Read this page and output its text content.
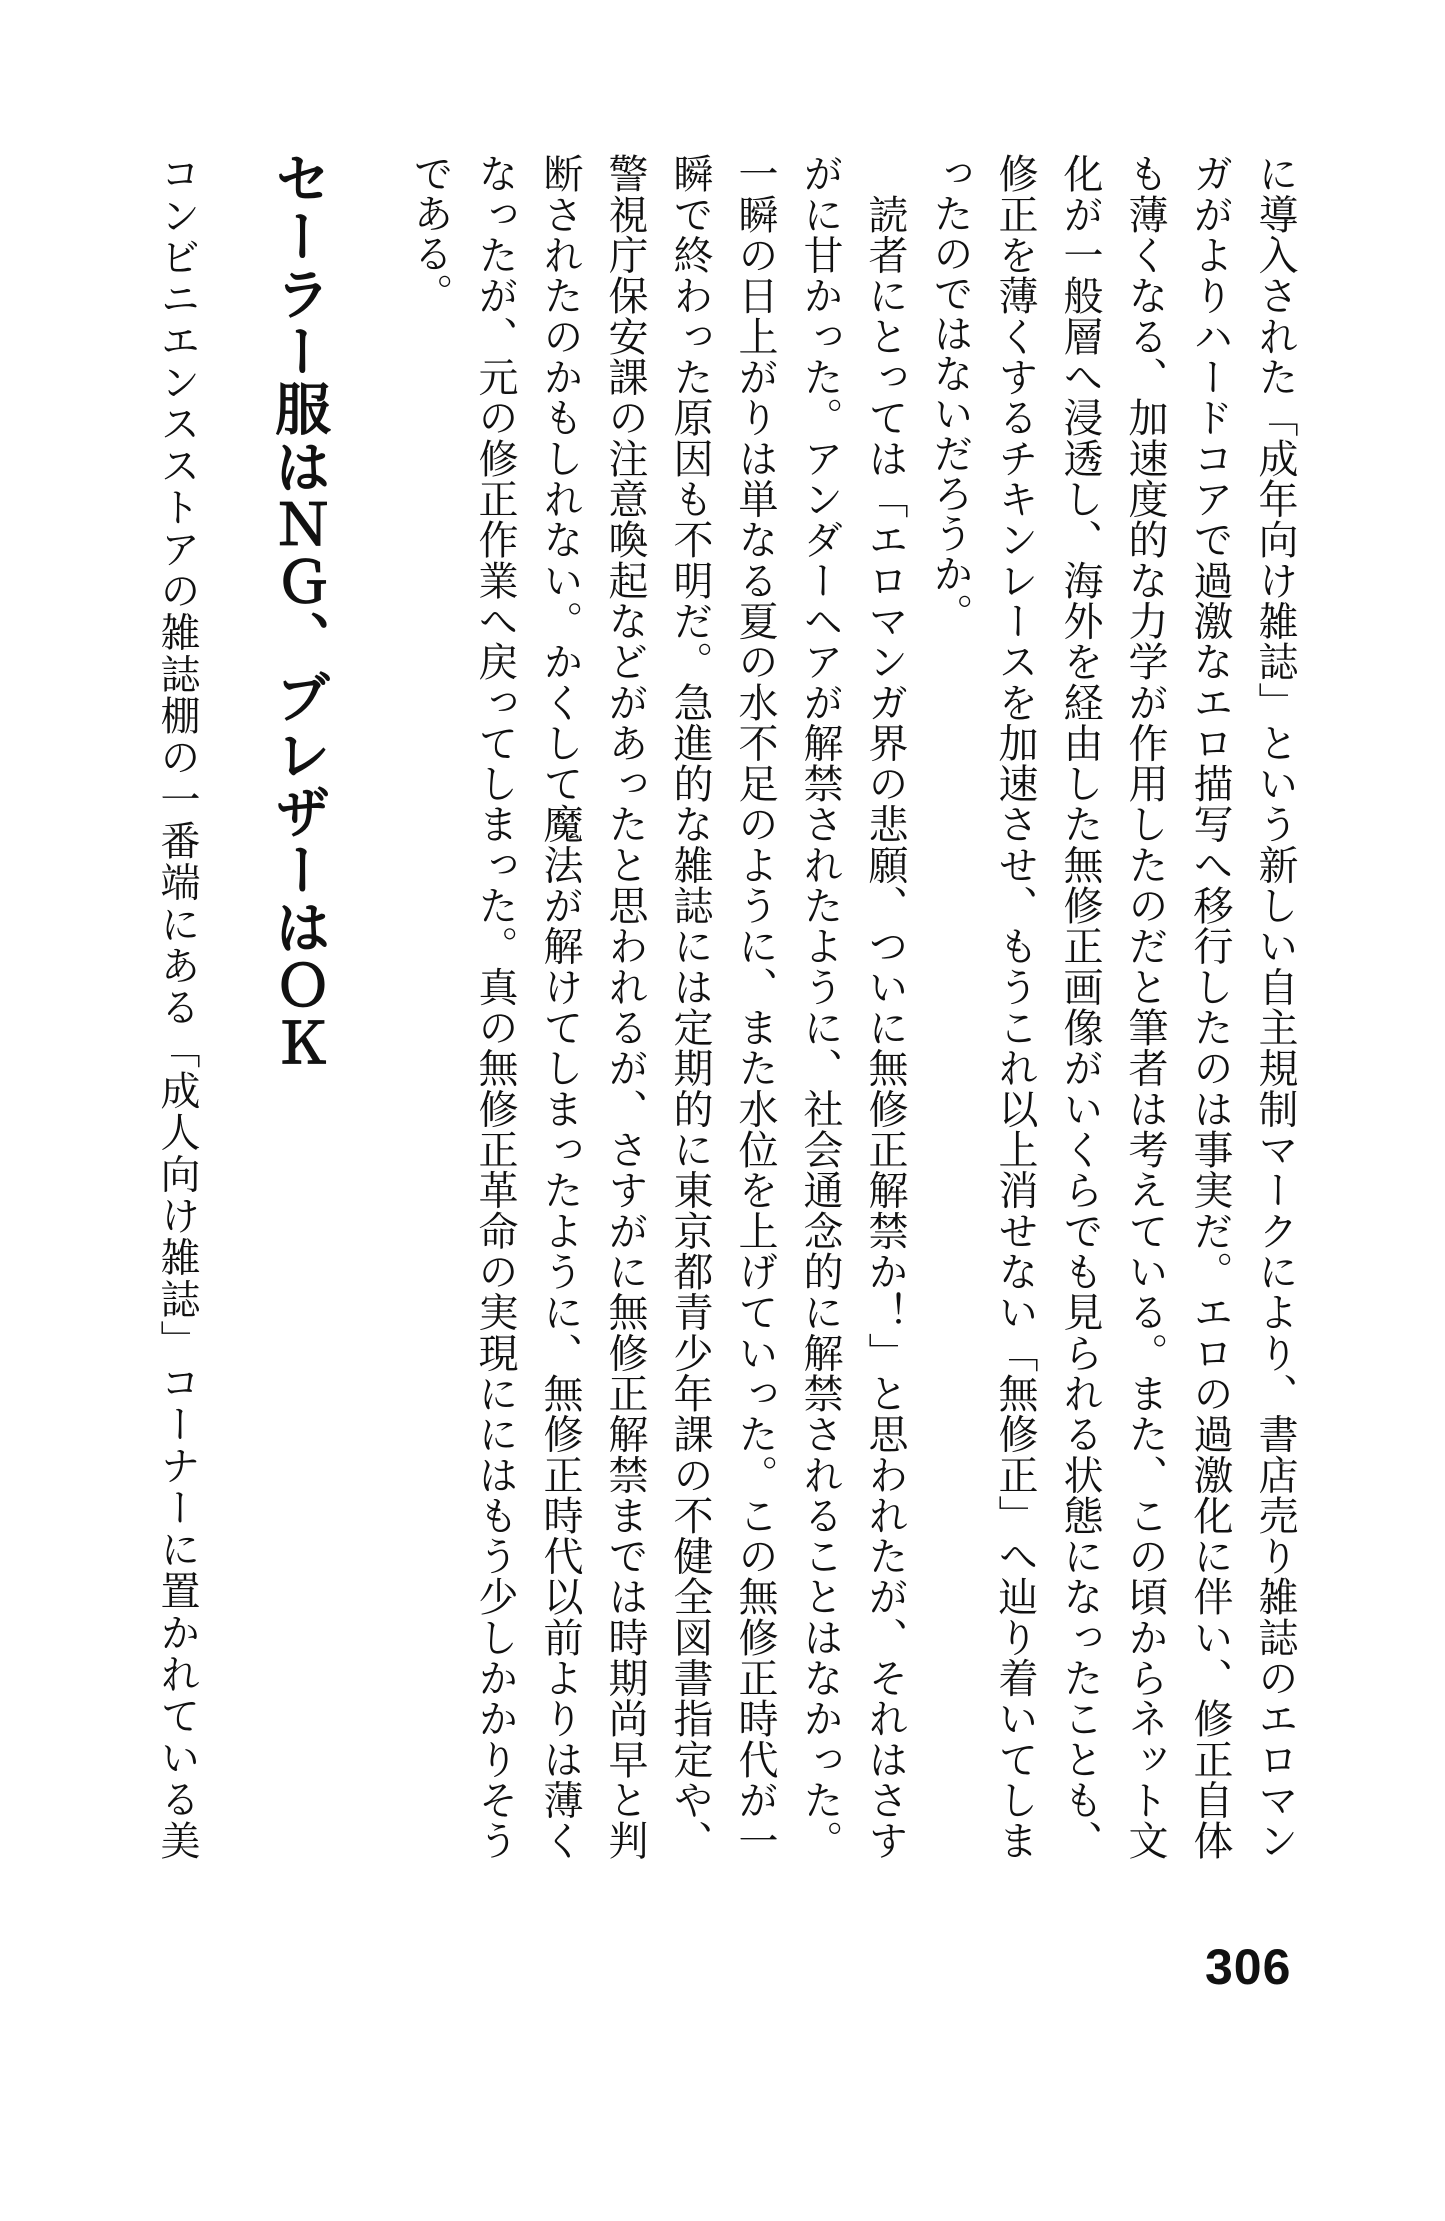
に導入された「成年向け雑誌」という新しい自主規制マークにより、書店売り雑誌のエロマン
ガがよりハードコアで過激なエロ描写へ移行したのは事実だ。エロの過激化に伴い、修正自体
も薄くなる、加速度的な力学が作用したのだと筆者は考えている。また、この頃からネット文
化が一般層へ浸透し、海外を経由した無修正画像がいくらでも見られる状態になったことも、
修正を薄くするチキンレースを加速させ、もうこれ以上消せない「無修正」へ辿り着いてしま
ったのではないだろうか。
　読者にとっては「エロマンガ界の悲願、ついに無修正解禁か！」と思われたが、それはさす
がに甘かった。アンダーヘアが解禁されたように、社会通念的に解禁されることはなかった。
一瞬の日上がりは単なる夏の水不足のように、また水位を上げていった。この無修正時代が一
瞬で終わった原因も不明だ。急進的な雑誌には定期的に東京都青少年課の不健全図書指定や、
警視庁保安課の注意喚起などがあったと思われるが、さすがに無修正解禁までは時期尚早と判
断されたのかもしれない。かくして魔法が解けてしまったように、無修正時代以前よりは薄く
なったが、元の修正作業へ戻ってしまった。真の無修正革命の実現ににはもう少しかかりそう
である。
セーラー服はＮＧ、ブレザーはＯＫ
コンビニエンスストアの雑誌棚の一番端にある「成人向け雑誌」コーナーに置かれている美
306
